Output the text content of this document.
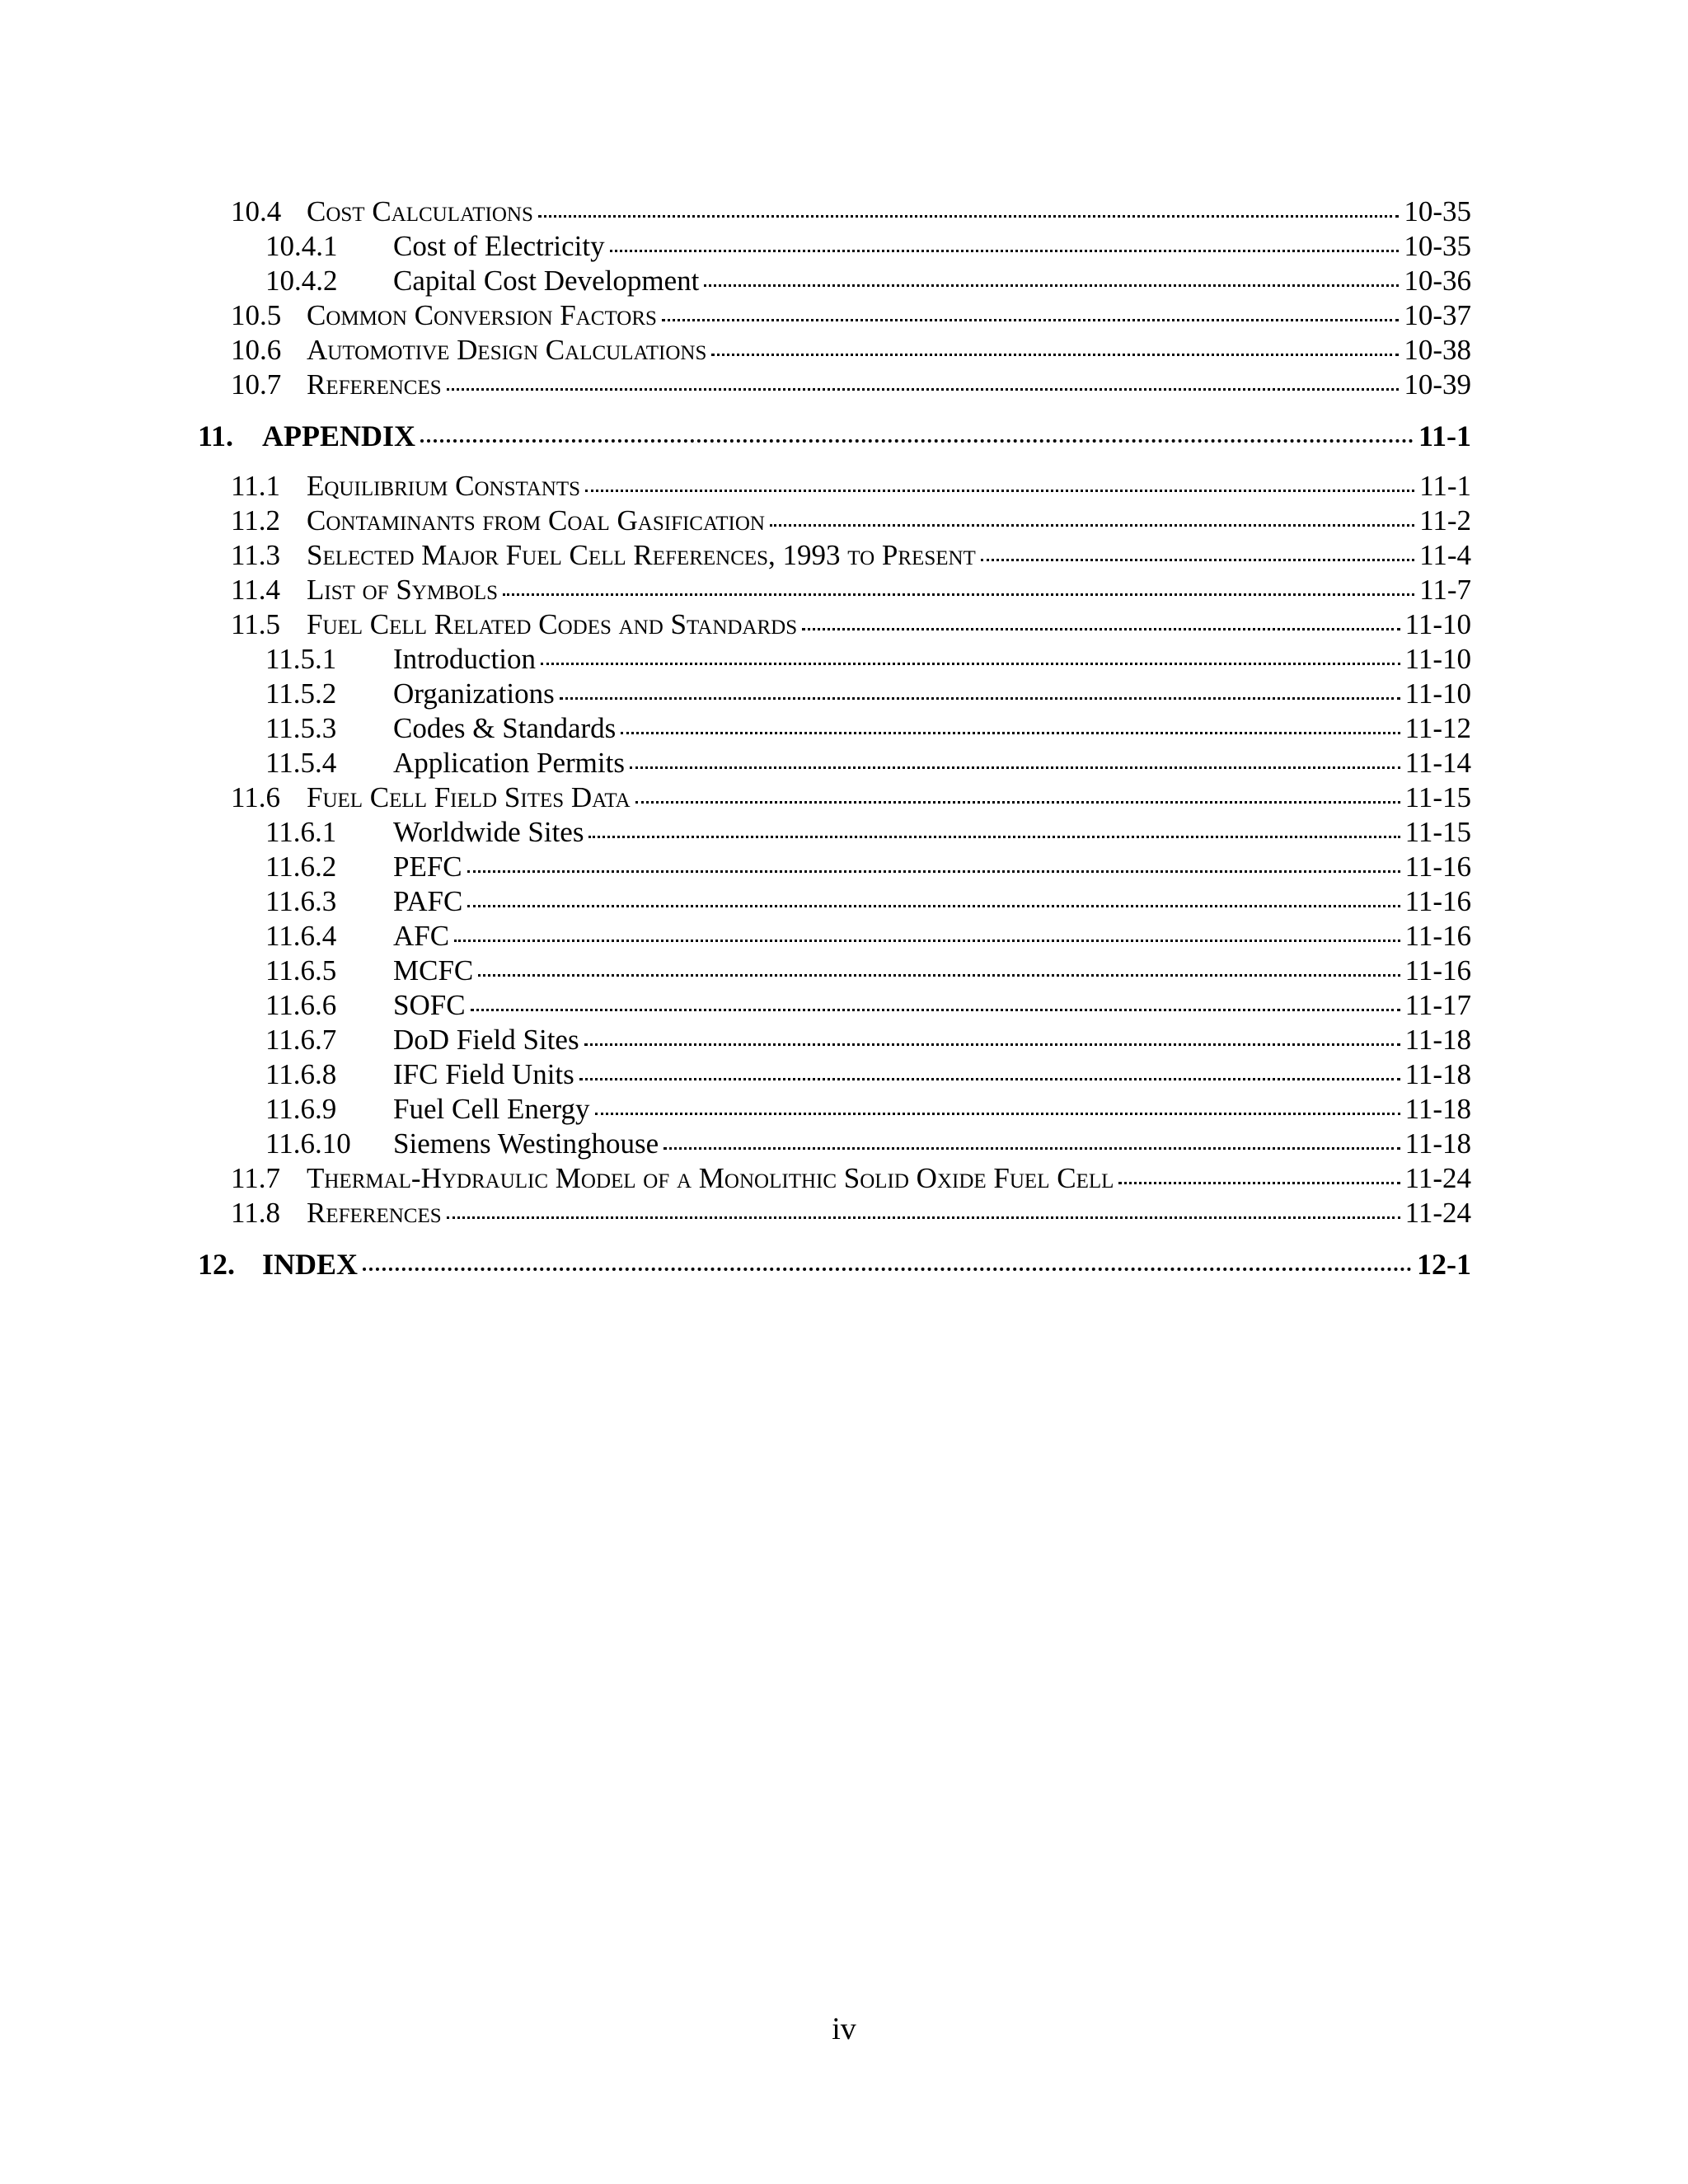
10.4 Cost Calculations	10-35
10.4.1	Cost of Electricity	10-35
10.4.2	Capital Cost Development	10-36
10.5 Common Conversion Factors	10-37
10.6 Automotive Design Calculations	10-38
10.7 References	10-39
11. APPENDIX	11-1
11.1 Equilibrium Constants	11-1
11.2 Contaminants from Coal Gasification	11-2
11.3 Selected Major Fuel Cell References, 1993 to Present	11-4
11.4 List of Symbols	11-7
11.5 Fuel Cell Related Codes and Standards	11-10
11.5.1	Introduction	11-10
11.5.2	Organizations	11-10
11.5.3	Codes & Standards	11-12
11.5.4	Application Permits	11-14
11.6 Fuel Cell Field Sites Data	11-15
11.6.1	Worldwide Sites	11-15
11.6.2	PEFC	11-16
11.6.3	PAFC	11-16
11.6.4	AFC	11-16
11.6.5	MCFC	11-16
11.6.6	SOFC	11-17
11.6.7	DoD Field Sites	11-18
11.6.8	IFC Field Units	11-18
11.6.9	Fuel Cell Energy	11-18
11.6.10	Siemens Westinghouse	11-18
11.7 Thermal-Hydraulic Model of a Monolithic Solid Oxide Fuel Cell	11-24
11.8 References	11-24
12. INDEX	12-1
iv
